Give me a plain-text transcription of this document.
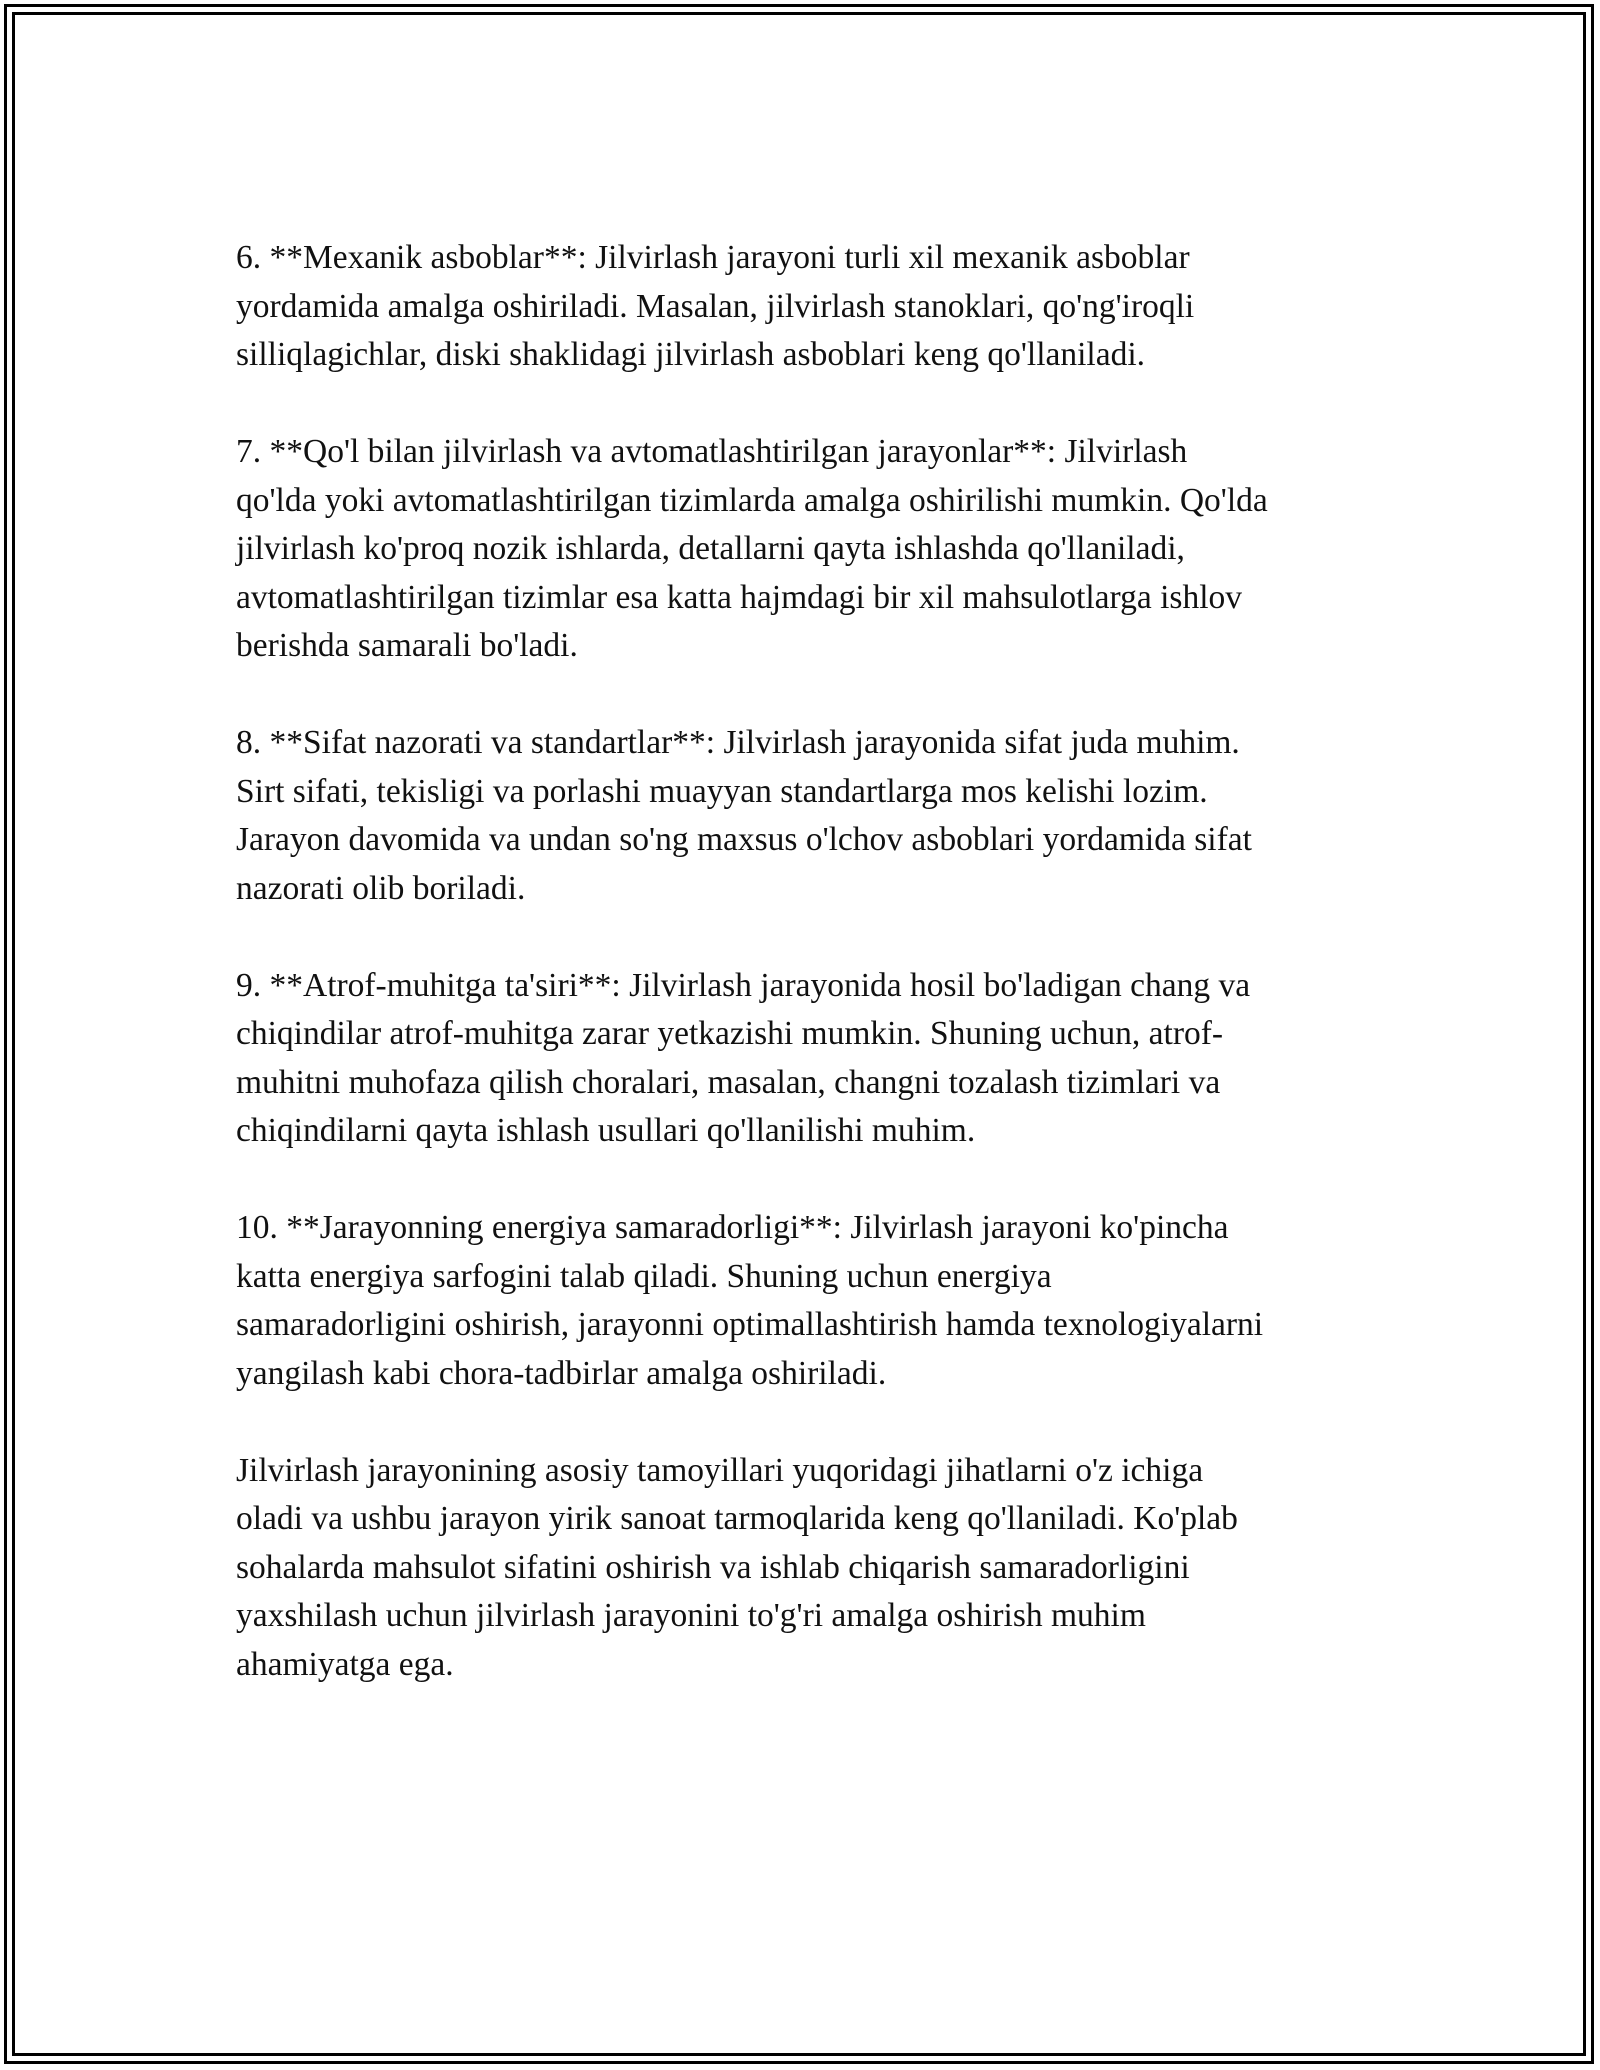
6. **Mexanik asboblar**: Jilvirlash jarayoni turli xil mexanik asboblar
yordamida amalga oshiriladi. Masalan, jilvirlash stanoklari, qo'ng'iroqli
silliqlagichlar, diski shaklidagi jilvirlash asboblari keng qo'llaniladi.

7. **Qo'l bilan jilvirlash va avtomatlashtirilgan jarayonlar**: Jilvirlash
qo'lda yoki avtomatlashtirilgan tizimlarda amalga oshirilishi mumkin. Qo'lda
jilvirlash ko'proq nozik ishlarda, detallarni qayta ishlashda qo'llaniladi,
avtomatlashtirilgan tizimlar esa katta hajmdagi bir xil mahsulotlarga ishlov
berishda samarali bo'ladi.

8. **Sifat nazorati va standartlar**: Jilvirlash jarayonida sifat juda muhim.
Sirt sifati, tekisligi va porlashi muayyan standartlarga mos kelishi lozim.
Jarayon davomida va undan so'ng maxsus o'lchov asboblari yordamida sifat
nazorati olib boriladi.

9. **Atrof-muhitga ta'siri**: Jilvirlash jarayonida hosil bo'ladigan chang va
chiqindilar atrof-muhitga zarar yetkazishi mumkin. Shuning uchun, atrof-
muhitni muhofaza qilish choralari, masalan, changni tozalash tizimlari va
chiqindilarni qayta ishlash usullari qo'llanilishi muhim.

10. **Jarayonning energiya samaradorligi**: Jilvirlash jarayoni ko'pincha
katta energiya sarfogini talab qiladi. Shuning uchun energiya
samaradorligini oshirish, jarayonni optimallashtirish hamda texnologiyalarni
yangilash kabi chora-tadbirlar amalga oshiriladi.

Jilvirlash jarayonining asosiy tamoyillari yuqoridagi jihatlarni o'z ichiga
oladi va ushbu jarayon yirik sanoat tarmoqlarida keng qo'llaniladi. Ko'plab
sohalarda mahsulot sifatini oshirish va ishlab chiqarish samaradorligini
yaxshilash uchun jilvirlash jarayonini to'g'ri amalga oshirish muhim
ahamiyatga ega.
